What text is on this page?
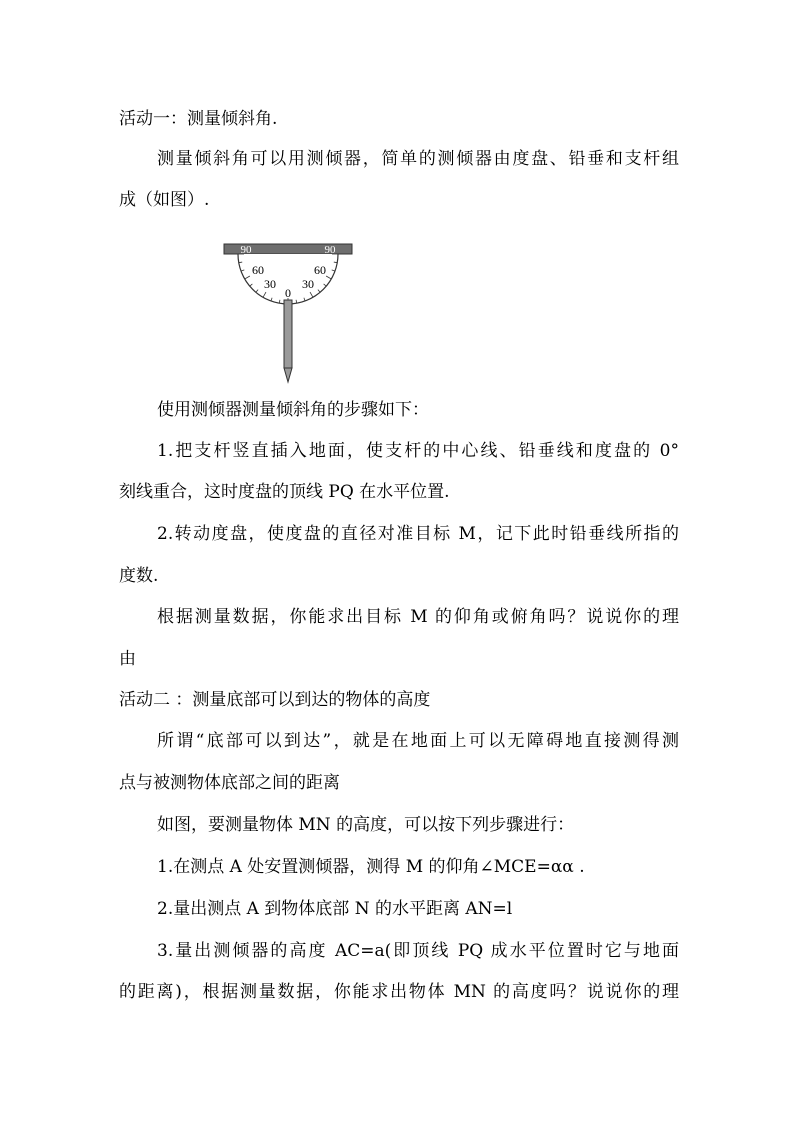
活动一：测量倾斜角.
测量倾斜角可以用测倾器，简单的测倾器由度盘、铅垂和支杆组
成（如图）.
90	90
60	60
30 30
0
使用测倾器测量倾斜角的步骤如下：
1.把支杆竖直插入地面，使支杆的中心线、铅垂线和度盘的 0°
刻线重合，这时度盘的顶线 PQ 在水平位置.
2.转动度盘，使度盘的直径对准目标 M，记下此时铅垂线所指的
度数.
根据测量数据，你能求出目标 M 的仰角或俯角吗？说说你的理
由
活动二 ：测量底部可以到达的物体的高度
所谓“底部可以到达”，就是在地面上可以无障碍地直接测得测
点与被测物体底部之间的距离
如图，要测量物体 MN 的高度，可以按下列步骤进行：
1.在测点 A 处安置测倾器，测得 M 的仰角∠MCE=αα .
2.量出测点 A 到物体底部 N 的水平距离 AN=l
3.量出测倾器的高度 AC=a(即顶线 PQ 成水平位置时它与地面
的距离)，根据测量数据，你能求出物体 MN 的高度吗？说说你的理
